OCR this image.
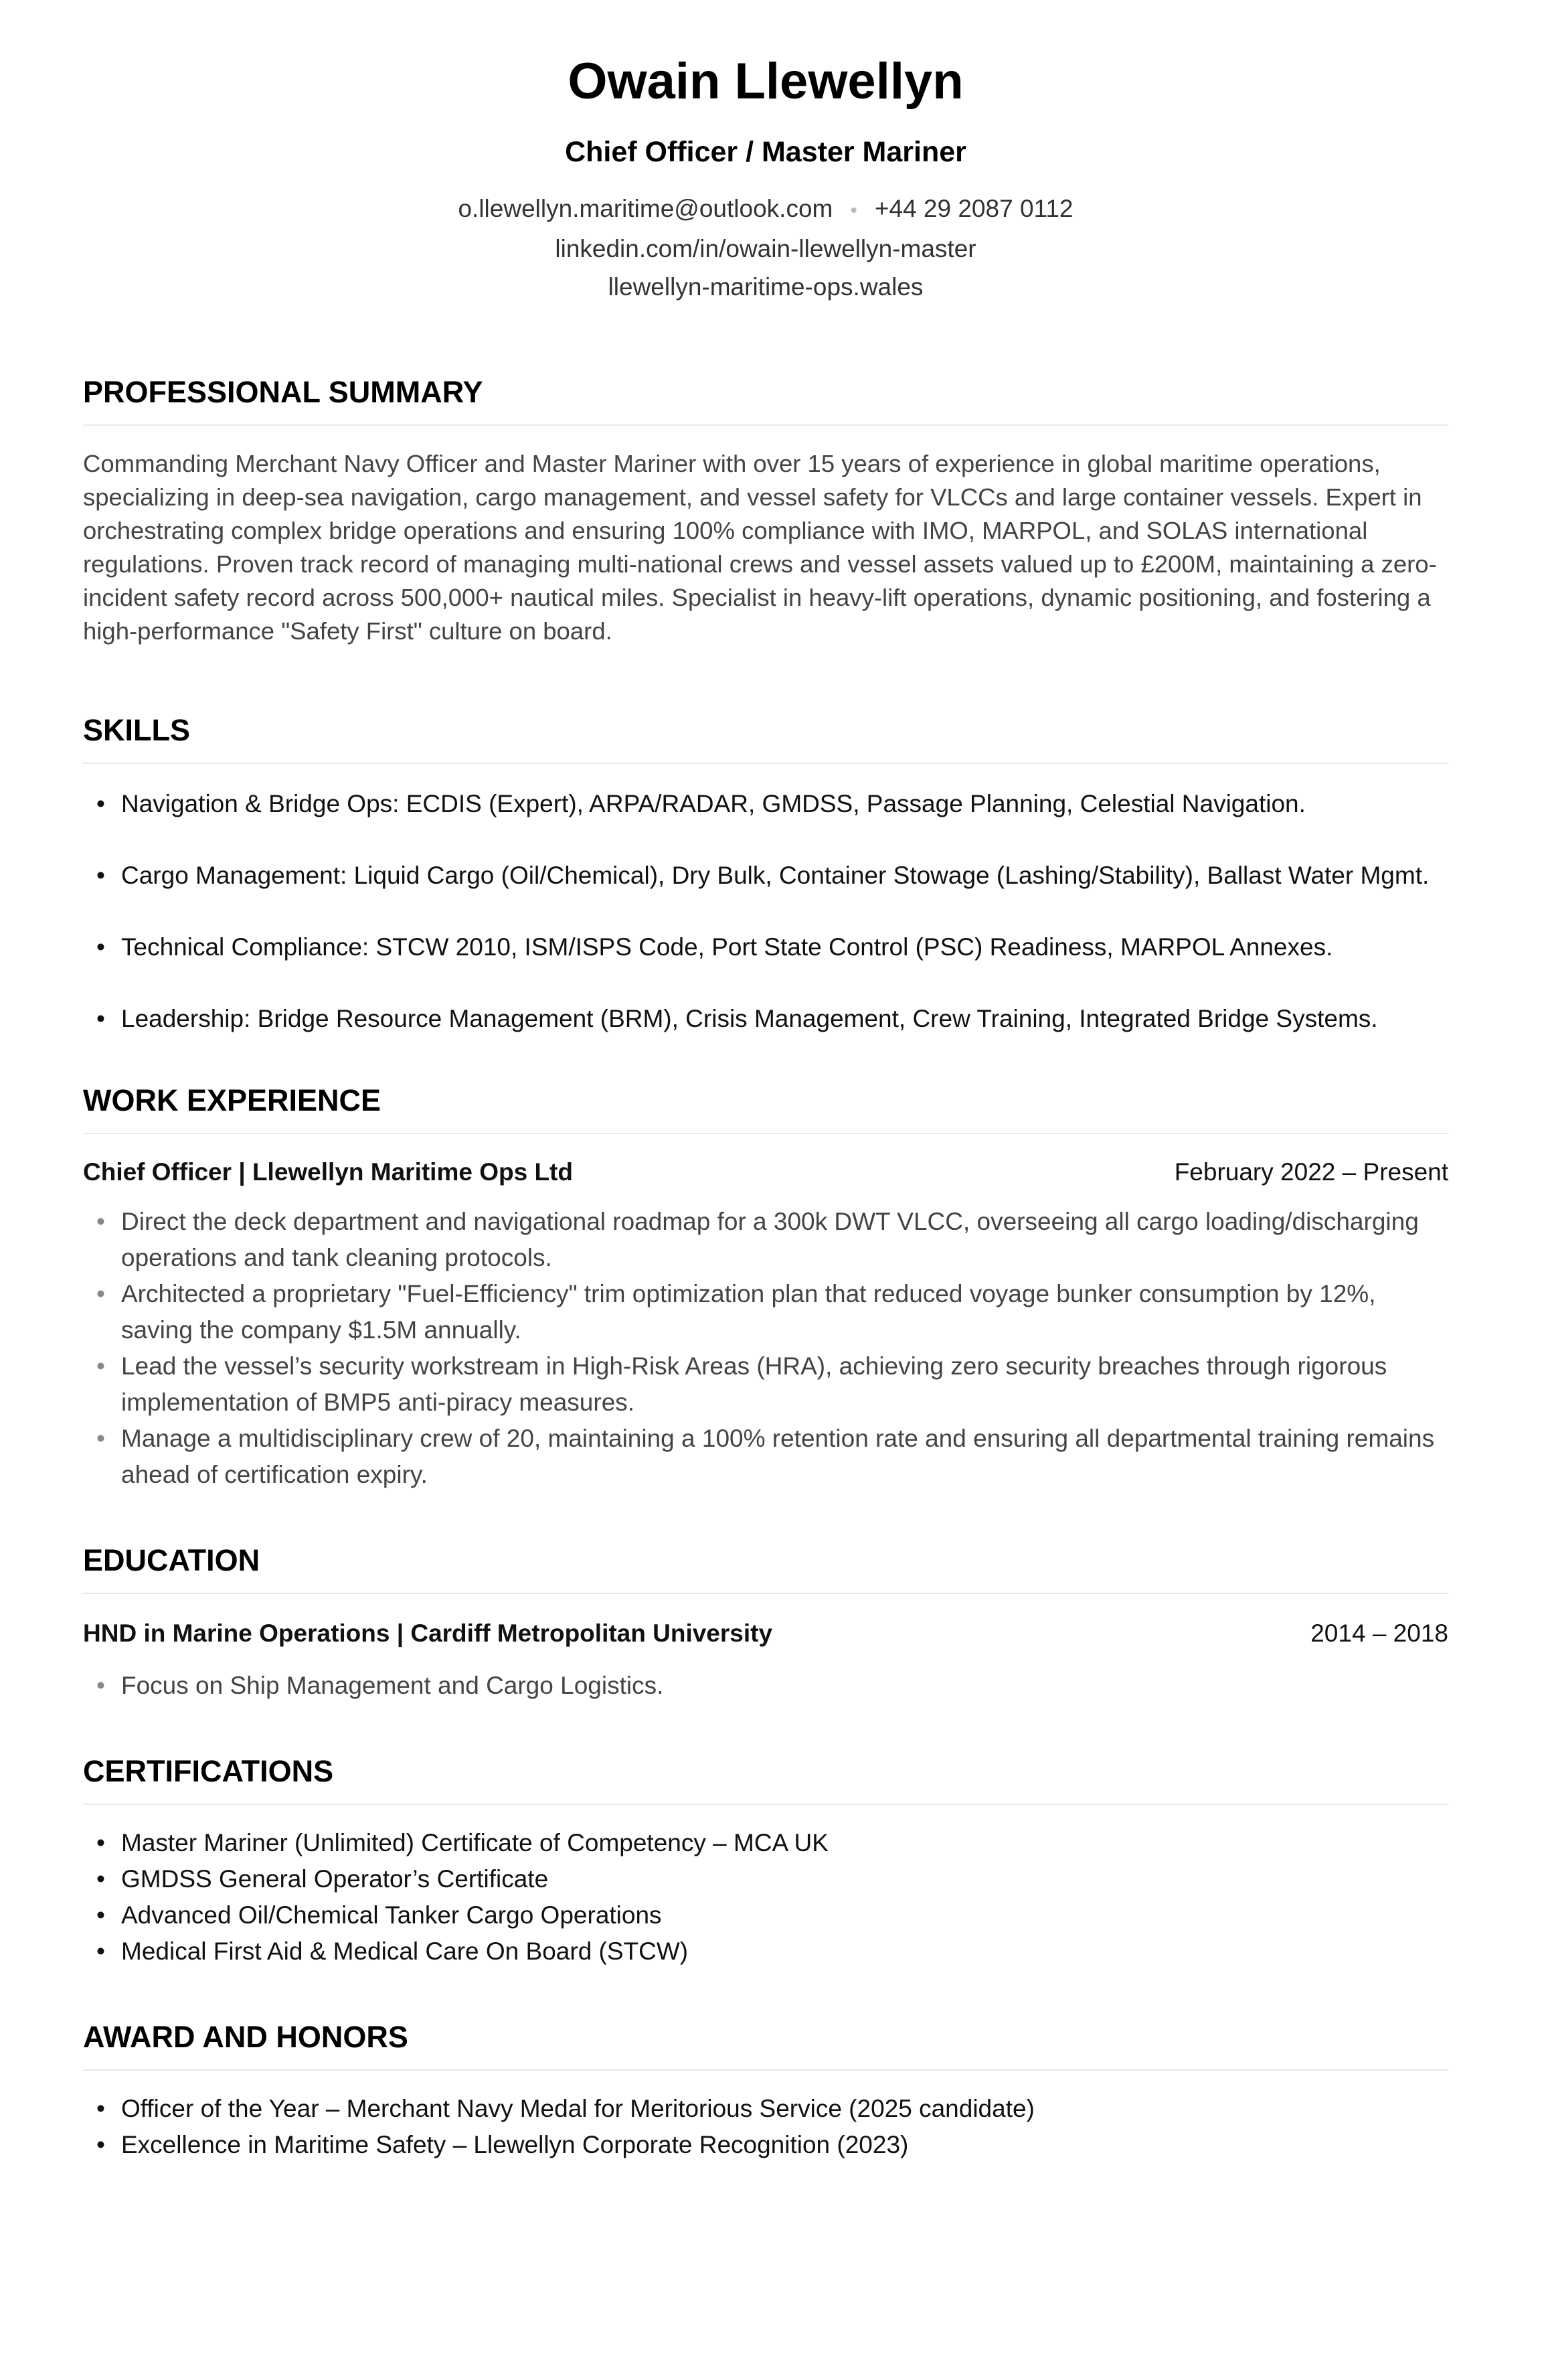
Owain Llewellyn
Chief Officer / Master Mariner
o.llewellyn.maritime@outlook.com • +44 29 2087 0112
linkedin.com/in/owain-llewellyn-master
llewellyn-maritime-ops.wales
PROFESSIONAL SUMMARY

Commanding Merchant Navy Officer and Master Mariner with over 15 years of experience in global maritime operations, specializing in deep-sea navigation, cargo management, and vessel safety for VLCCs and large container vessels. Expert in orchestrating complex bridge operations and ensuring 100% compliance with IMO, MARPOL, and SOLAS international regulations. Proven track record of managing multi-national crews and vessel assets valued up to £200M, maintaining a zero-incident safety record across 500,000+ nautical miles. Specialist in heavy-lift operations, dynamic positioning, and fostering a high-performance "Safety First" culture on board.

SKILLS
• Navigation & Bridge Ops: ECDIS (Expert), ARPA/RADAR, GMDSS, Passage Planning, Celestial Navigation.
• Cargo Management: Liquid Cargo (Oil/Chemical), Dry Bulk, Container Stowage (Lashing/Stability), Ballast Water Mgmt.
• Technical Compliance: STCW 2010, ISM/ISPS Code, Port State Control (PSC) Readiness, MARPOL Annexes.
• Leadership: Bridge Resource Management (BRM), Crisis Management, Crew Training, Integrated Bridge Systems.
WORK EXPERIENCE
Chief Officer | Llewellyn Maritime Ops Ltd	February 2022 – Present
• Direct the deck department and navigational roadmap for a 300k DWT VLCC, overseeing all cargo loading/discharging operations and tank cleaning protocols.
• Architected a proprietary "Fuel-Efficiency" trim optimization plan that reduced voyage bunker consumption by 12%, saving the company $1.5M annually.
• Lead the vessel’s security workstream in High-Risk Areas (HRA), achieving zero security breaches through rigorous implementation of BMP5 anti-piracy measures.
• Manage a multidisciplinary crew of 20, maintaining a 100% retention rate and ensuring all departmental training remains ahead of certification expiry.
EDUCATION
HND in Marine Operations | Cardiff Metropolitan University	2014 – 2018
• Focus on Ship Management and Cargo Logistics.
CERTIFICATIONS
• Master Mariner (Unlimited) Certificate of Competency – MCA UK
• GMDSS General Operator’s Certificate
• Advanced Oil/Chemical Tanker Cargo Operations
• Medical First Aid & Medical Care On Board (STCW)
AWARD AND HONORS
• Officer of the Year – Merchant Navy Medal for Meritorious Service (2025 candidate)
• Excellence in Maritime Safety – Llewellyn Corporate Recognition (2023)
